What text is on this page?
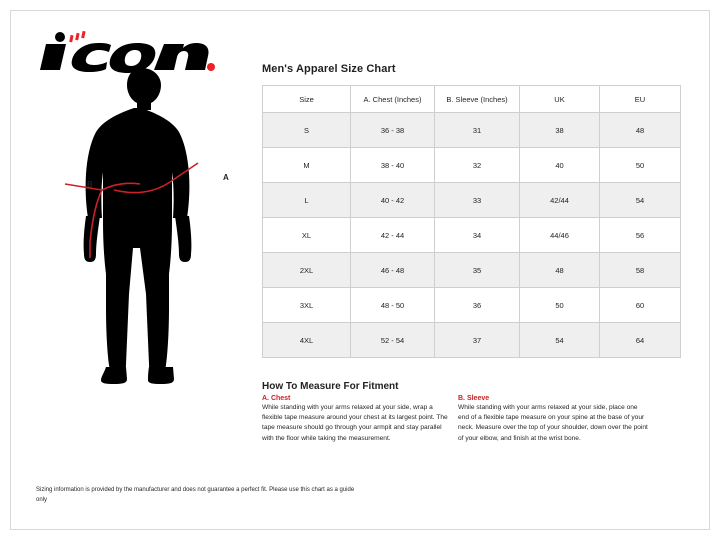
B
A
Men's Apparel Size Chart
Size	A. Chest (Inches)	B. Sleeve (Inches)	UK	EU
S	36 - 38	31	38	48
M	38 - 40	32	40	50
L	40 - 42	33	42/44	54
XL	42 - 44	34	44/46	56
2XL	46 - 48	35	48	58
3XL	48 - 50	36	50	60
4XL	52 - 54	37	54	64
How To Measure For Fitment
A. Chest
While standing with your arms relaxed at your side, wrap a flexible tape measure around your chest at its largest point. The tape measure should go through your armpit and stay parallel with the floor while taking the measurement.
B. Sleeve
While standing with your arms relaxed at your side, place one end of a flexible tape measure on your spine at the base of your neck. Measure over the top of your shoulder, down over the point of your elbow, and finish at the wrist bone.
Sizing information is provided by the manufacturer and does not guarantee a perfect fit. Please use this chart as a guide only
